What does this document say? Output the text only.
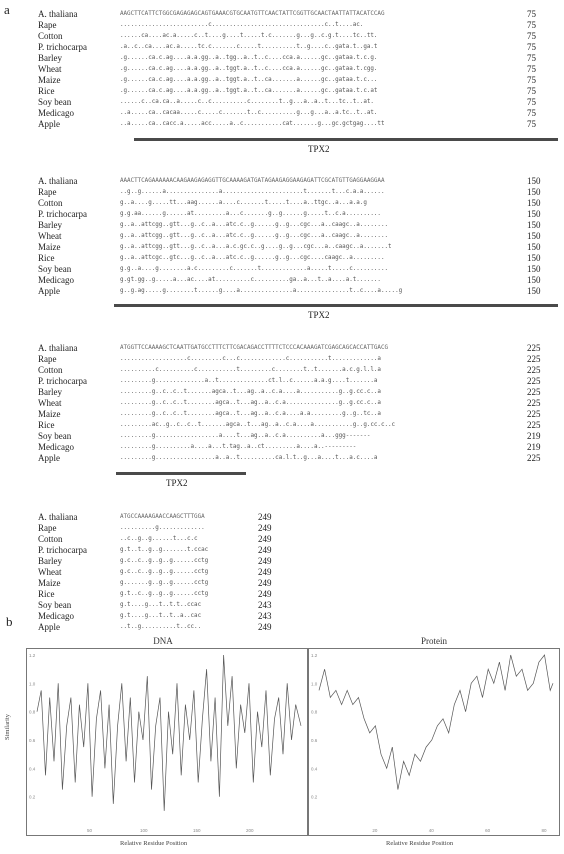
a	A. thaliana	AAGCTTCATTCTGGCGAGAGAGCAGTGAAACGTGCAATGTTCAACTATTCGGTTGCAACTAATTATTACATCCAG	75
Rape	.........................c................................c..t....ac.	75
Cotton	......ca....ac.a.....c..t....g....t.....t.c.......g...g..c.g.t....tc..tt.	75
P. trichocarpa	.a..c..ca....ac.a.....tc.c.......c.....t..........t..g....c..gata.t..ga.t	75
Barley	.g......ca.c.ag....a.a.gg..a..tgg..a..t..c....cca.a......gc..gataa.t.c.g.	75
Wheat	.g......ca.c.ag....a.a.gg..a..tggt.a..t..c....cca.a......gc..gataa.t.cgg.	75
Maize	.g......ca.c.ag....a.a.gg..a..tggt.a..t..ca.......a......gc..gataa.t.c...	75
Rice	.g......ca.c.ag....a.a.gg..a..tggt.a..t..ca.......a......gc..gataa.t.c.at	75
Soy bean	......c..ca.ca..a.....c..c..........c........t..g...a..a..t...tc..t..at.	75
Medicago	..a.....ca..cacaa.....c.....c.......t..c..........g...g...a..a.tc..t..at.	75
Apple	..a.....ca..cacc.a.....acc.....a..c...........cat.......g...gc.gctgag....tt	75
TPX2
A. thaliana	AAACTTCAGAAAAAACAAGAAGAGAGGTTGCAAAAGATGATAGAAGAGGAAGAGATTCGCATGTTGAGGAAGGAA	150
Rape	..g..g......a...............a.......................t.......t...c.a.a......	150
Cotton	g..a....g.....tt...aag......a....c.......t.....t....a..ttgc..a...a.a.g	150
P. trichocarpa	g.g.aa......g......at.........a...c.......g..g......g.....t..c.a..........	150
Barley	g..a..attcgg..gtt...g..c..a...atc.c..g......g..g...cgc...a..caagc..a........	150
Wheat	g..a..attcgg..gtt...g..c..a...atc.c..g......g..g...cgc...a..caagc..a........	150
Maize	g..a..attcgg..gtt...g..c..a...a.c.gc.c..g....g..g...cgc...a..caagc..a.......t	150
Rice	g..a..attcgc..gtc...g..c..a...atc.c..g......g..g...cgc....caagc..a.........	150
Soy bean	g.g..a....g........a.c.........c.......t.............a.....t.....c..........	150
Medicago	g.gt.gg..g.....a...ac....at..........c..........ga..a...t..a....a.t.......	150
Apple	g..g.ag.....g........t......g....a...............a...............t..c....a.....g	150
TPX2
A. thaliana	ATGGTTCCAAAAGCTCAATTGATGCCTTTCTTCGACAGACCTTTTCTCCCACAAAGATCGAGCAGCACCATTGACG	225
Rape	...................c.........c...c.............c...........t.............a	225
Cotton	..........c..........c...........t.........c........t..t.......a.c.g.l.l.a	225
P. trichocarpa	.........g..............a..t..............ct.l..c......a.a.g....t.......a	225
Barley	.........g..c..c..t.......agca..t...ag..a..c.a....a...........g..g.cc.c..a	225
Wheat	.........g..c..c..t........agca..t...ag..a..c.a...............g..g.cc.c..a	225
Maize	.........g..c..c..t........agca..t...ag..a..c.a....a.a.........g..g..tc..a	225
Rice	.........ac..g..c..c..t.......agca..t...ag..a..c.a....a...........g..g.cc.c..c	225
Soy bean	.........g..................a....t...ag..a..c.a..........a...ggg-------	219
Medicago	.........g..........a....a...t.tag..a..ct.........a....a..---------	219
Apple	.........g.................a..a..t..........ca.l.t..g...a....t...a.c....a	225
TPX2
A. thaliana	ATGCCAAAAGAACCAAGCTTTGGA	249
Rape	..........g.............	249
Cotton	..c..g..g......t...c.c	249
P. trichocarpa	g.t..t..g..g.......t.ccac	249
Barley	g.c..c..g..g..g......cctg	249
Wheat	g.c..c..g..g..g......cctg	249
Maize	g.......g..g..g......cctg	249
Rice	g.t..c..g..g..g......cctg	249
Soy bean	g.t....g...t..t.t..ccac	243
Medicago	g.t....g...t..t..a..cac	243
Apple	..t..g..........t..cc..	249
b
DNA	Protein
1.2
1.0
0.8
0.6
0.4
0.2
50	100	150	200
1.2
1.0
0.8
0.6
0.4
0.2
20	40	60	80
Similarity
Relative Residue Position	Relative Residue Position
